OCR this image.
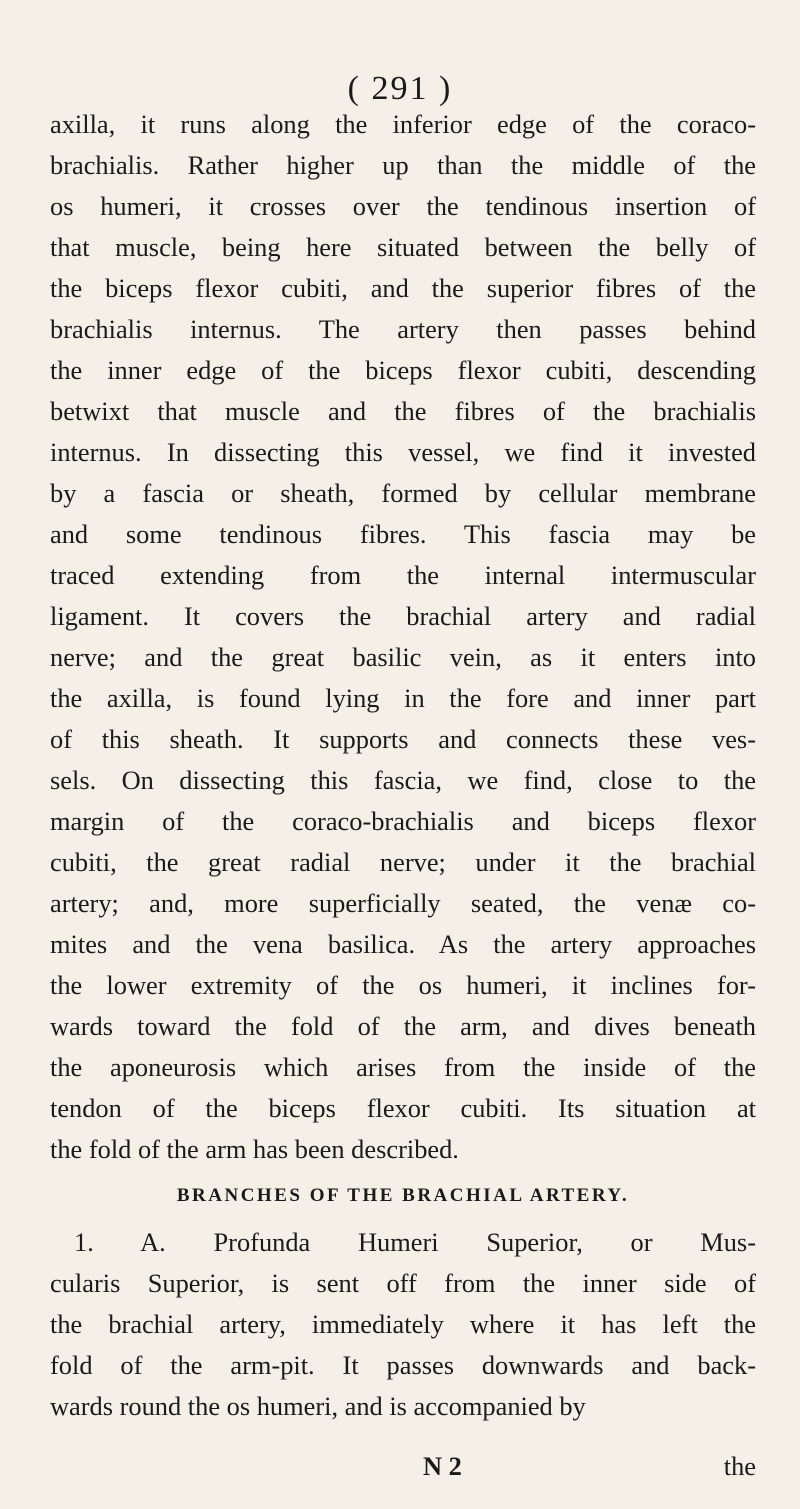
( 291 )
axilla, it runs along the inferior edge of the coraco-
brachialis. Rather higher up than the middle of the
os humeri, it crosses over the tendinous insertion of
that muscle, being here situated between the belly of
the biceps flexor cubiti, and the superior fibres of the
brachialis internus. The artery then passes behind
the inner edge of the biceps flexor cubiti, descending
betwixt that muscle and the fibres of the brachialis
internus. In dissecting this vessel, we find it invested
by a fascia or sheath, formed by cellular membrane
and some tendinous fibres. This fascia may be
traced extending from the internal intermuscular
ligament. It covers the brachial artery and radial
nerve; and the great basilic vein, as it enters into
the axilla, is found lying in the fore and inner part
of this sheath. It supports and connects these ves-
sels. On dissecting this fascia, we find, close to the
margin of the coraco-brachialis and biceps flexor
cubiti, the great radial nerve; under it the brachial
artery; and, more superficially seated, the venæ co-
mites and the vena basilica. As the artery approaches
the lower extremity of the os humeri, it inclines for-
wards toward the fold of the arm, and dives beneath
the aponeurosis which arises from the inside of the
tendon of the biceps flexor cubiti. Its situation at
the fold of the arm has been described.
BRANCHES OF THE BRACHIAL ARTERY.
1. A. Profunda Humeri Superior, or Mus-
cularis Superior, is sent off from the inner side of
the brachial artery, immediately where it has left the
fold of the arm-pit. It passes downwards and back-
wards round the os humeri, and is accompanied by
N 2	the
